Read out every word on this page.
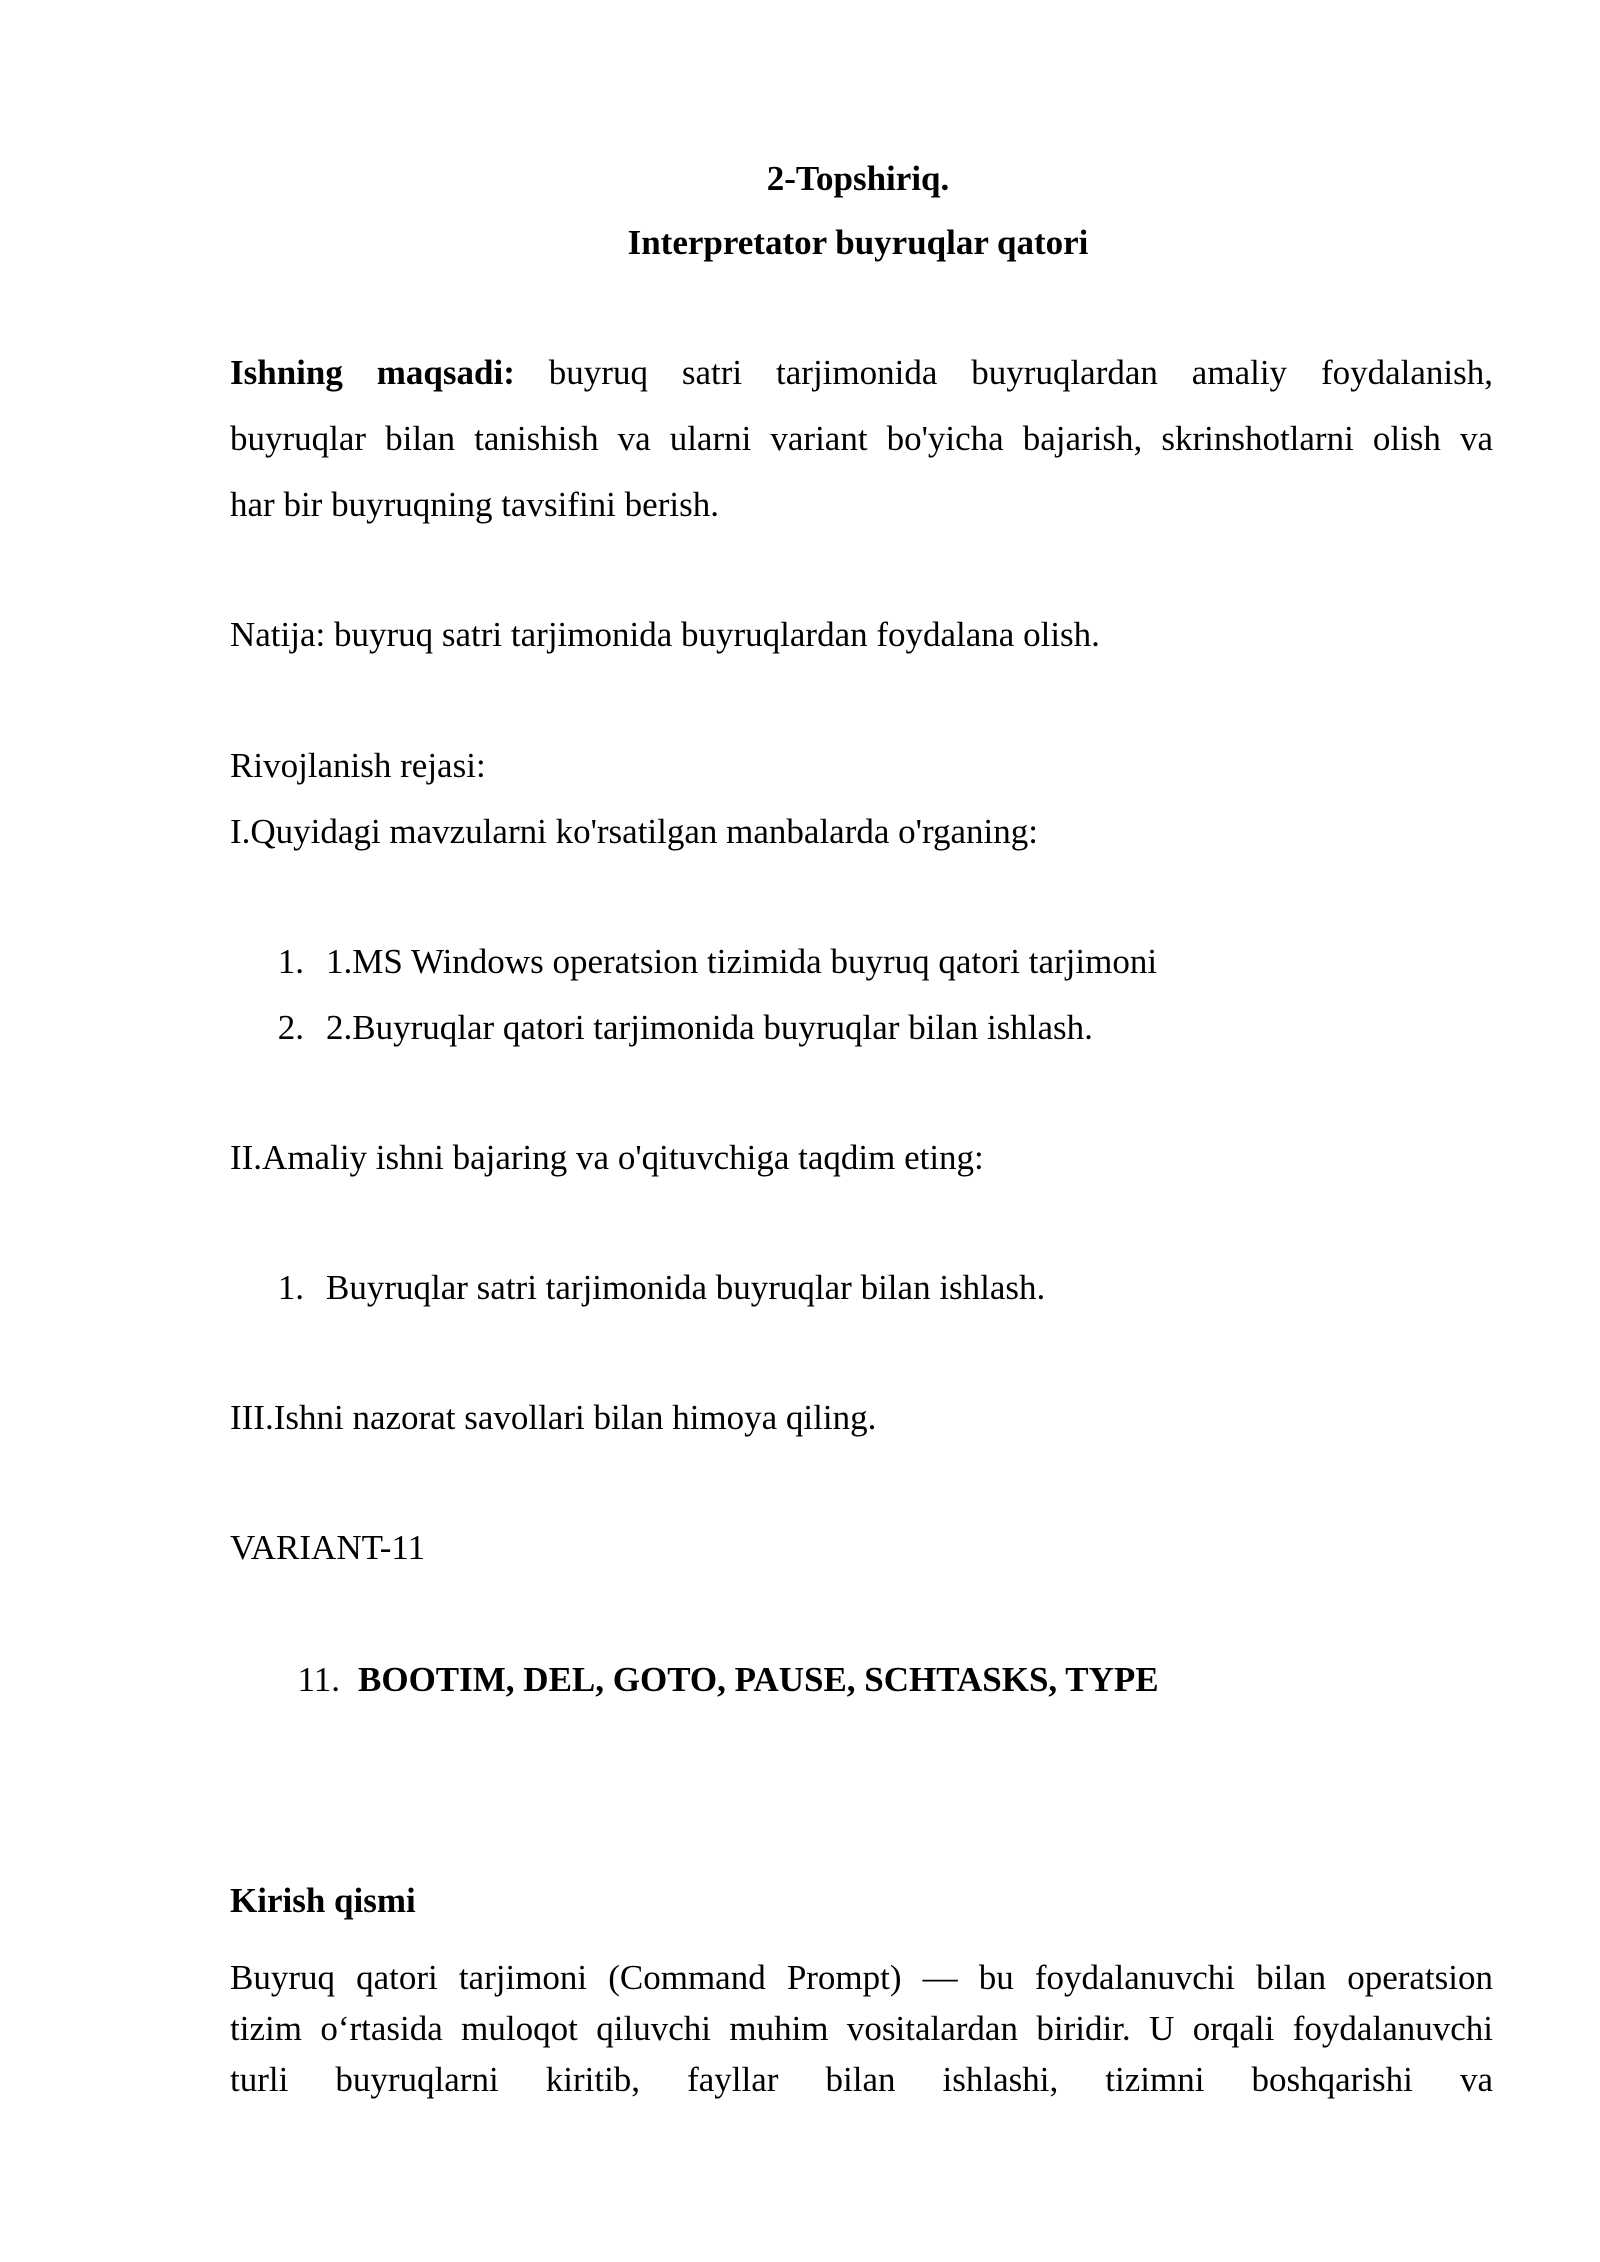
2-Topshiriq.
Interpretator buyruqlar qatori
Ishning maqsadi: buyruq satri tarjimonida buyruqlardan amaliy foydalanish,
buyruqlar bilan tanishish va ularni variant bo'yicha bajarish, skrinshotlarni olish va
har bir buyruqning tavsifini berish.
Natija: buyruq satri tarjimonida buyruqlardan foydalana olish.
Rivojlanish rejasi:
I.Quyidagi mavzularni ko'rsatilgan manbalarda o'rganing:
1. 1.MS Windows operatsion tizimida buyruq qatori tarjimoni
2. 2.Buyruqlar qatori tarjimonida buyruqlar bilan ishlash.
II.Amaliy ishni bajaring va o'qituvchiga taqdim eting:
1. Buyruqlar satri tarjimonida buyruqlar bilan ishlash.
III.Ishni nazorat savollari bilan himoya qiling.
VARIANT-11
11. BOOTIM, DEL, GOTO, PAUSE, SCHTASKS, TYPE
Kirish qismi
Buyruq qatori tarjimoni (Command Prompt) — bu foydalanuvchi bilan operatsion
tizim o‘rtasida muloqot qiluvchi muhim vositalardan biridir. U orqali foydalanuvchi
turli buyruqlarni kiritib, fayllar bilan ishlashi, tizimni boshqarishi va
